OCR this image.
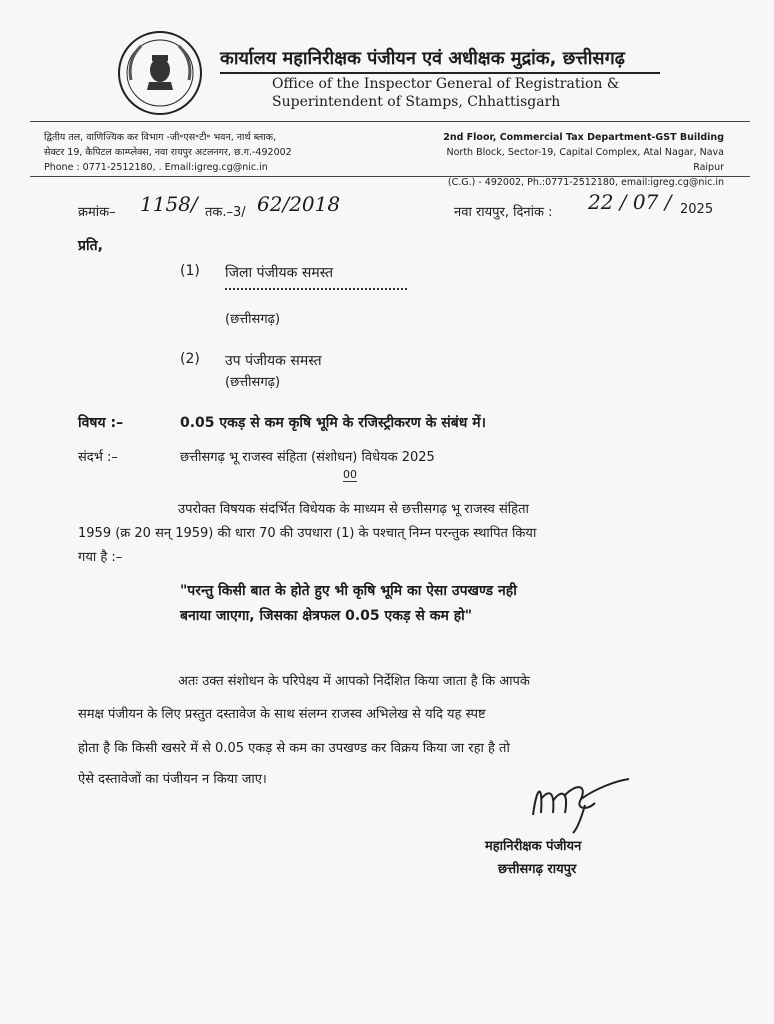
कार्यालय महानिरीक्षक पंजीयन एवं अधीक्षक मुद्रांक, छत्तीसगढ़
Office of the Inspector General of Registration &
Superintendent of Stamps, Chhattisgarh
द्वितीय तल, वाणिज्यिक कर विभाग -जी॰एस॰टी॰ भवन, नार्थ ब्लाक,
सेक्टर 19, कैपिटल काम्प्लेक्स, नवा रायपुर अटलनगर, छ.ग.-492002
Phone : 0771-2512180, . Email:igreg.cg@nic.in
2nd Floor, Commercial Tax Department-GST Building
North Block, Sector-19, Capital Complex, Atal Nagar, Nava Raipur
(C.G.) - 492002, Ph.:0771-2512180, email:igreg.cg@nic.in
क्रमांक– 1158/ तक.–3/ 62/2018	नवा रायपुर, दिनांक : 22 / 07 / 2025
प्रति,
(1) जिला पंजीयक समस्त
(छत्तीसगढ़)
(2) उप पंजीयक समस्त
(छत्तीसगढ़)
विषय :–	0.05 एकड़ से कम कृषि भूमि के रजिस्ट्रीकरण के संबंध में।
संदर्भ :–	छत्तीसगढ़ भू राजस्व संहिता (संशोधन) विधेयक 2025
00
उपरोक्त विषयक संदर्भित विधेयक के माध्यम से छत्तीसगढ़ भू राजस्व संहिता
1959 (क्र 20 सन् 1959) की धारा 70 की उपधारा (1) के पश्चात् निम्न परन्तुक स्थापित किया
गया है :–
"परन्तु किसी बात के होते हुए भी कृषि भूमि का ऐसा उपखण्ड नही
बनाया जाएगा, जिसका क्षेत्रफल 0.05 एकड़ से कम हो"
अतः उक्त संशोधन के परिपेक्ष्य में आपको निर्देशित किया जाता है कि आपके
समक्ष पंजीयन के लिए प्रस्तुत दस्तावेज के साथ संलग्न राजस्व अभिलेख से यदि यह स्पष्ट
होता है कि किसी खसरे में से 0.05 एकड़ से कम का उपखण्ड कर विक्रय किया जा रहा है तो
ऐसे दस्तावेजों का पंजीयन न किया जाए।
महानिरीक्षक पंजीयन
छत्तीसगढ़ रायपुर
